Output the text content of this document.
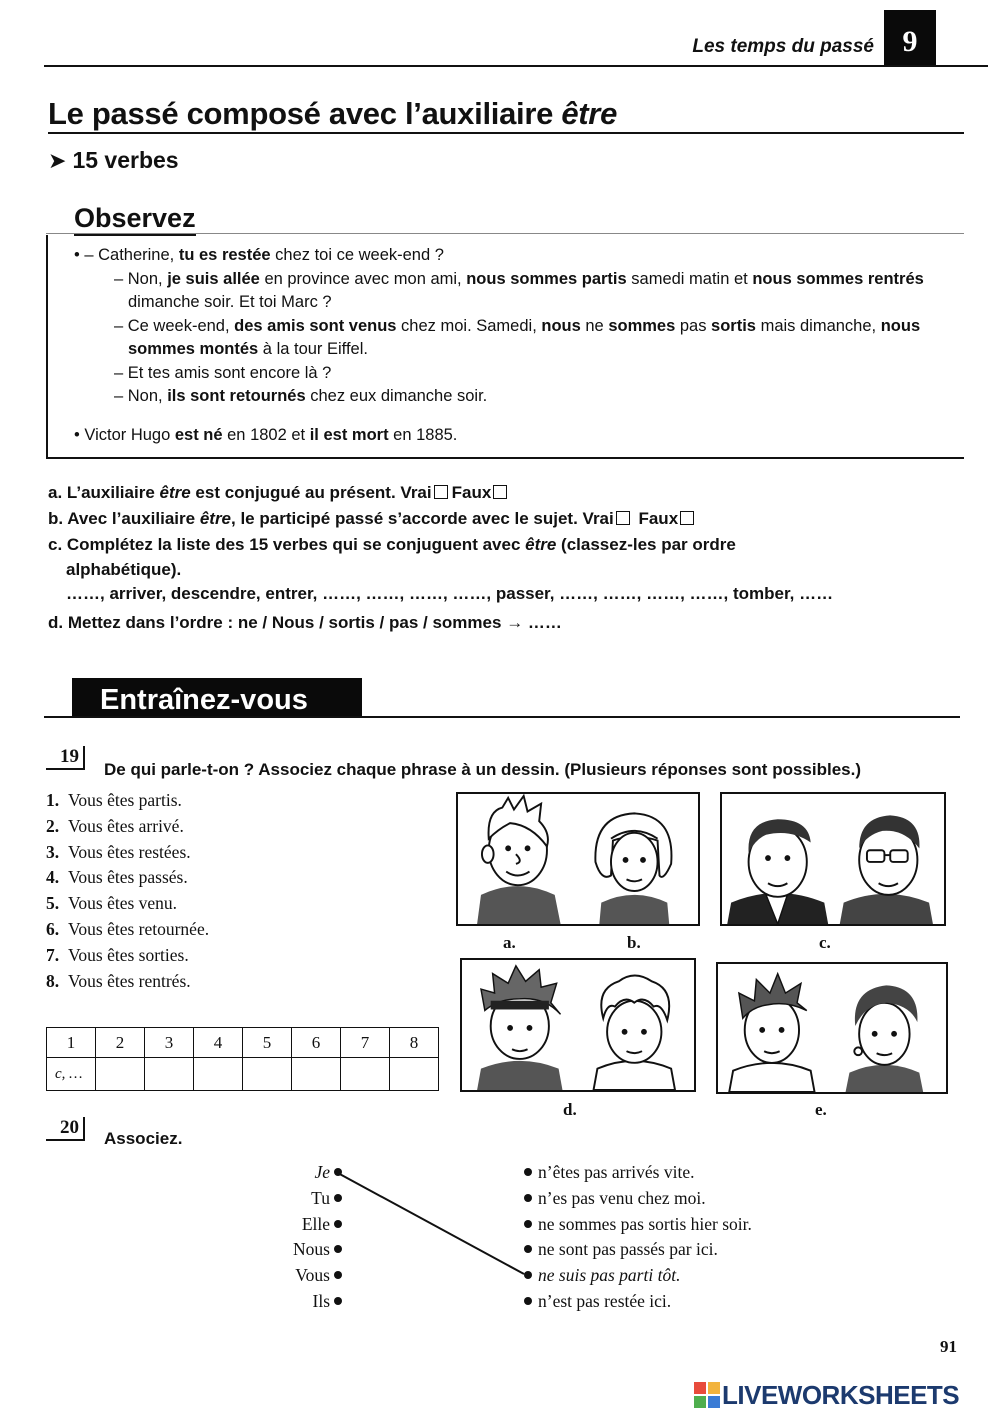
Les temps du passé 9
Le passé composé avec l’auxiliaire être
➤ 15 verbes
Observez
• – Catherine, tu es restée chez toi ce week-end ?
– Non, je suis allée en province avec mon ami, nous sommes partis samedi matin et nous sommes rentrés dimanche soir. Et toi Marc ?
– Ce week-end, des amis sont venus chez moi. Samedi, nous ne sommes pas sortis mais dimanche, nous sommes montés à la tour Eiffel.
– Et tes amis sont encore là ?
– Non, ils sont retournés chez eux dimanche soir.
• Victor Hugo est né en 1802 et il est mort en 1885.
a. L’auxiliaire être est conjugué au présent. Vrai Faux
b. Avec l’auxiliaire être, le participé passé s’accorde avec le sujet. Vrai Faux
c. Complétez la liste des 15 verbes qui se conjuguent avec être (classez-les par ordre
alphabétique).
……, arriver, descendre, entrer, ……, ……, ……, ……, passer, ……, ……, ……, ……, tomber, ……
d. Mettez dans l’ordre : ne / Nous / sortis / pas / sommes → ……
Entraînez-vous
19
De qui parle-t-on ? Associez chaque phrase à un dessin. (Plusieurs réponses sont possibles.)
1. Vous êtes partis.
2. Vous êtes arrivé.
3. Vous êtes restées.
4. Vous êtes passés.
5. Vous êtes venu.
6. Vous êtes retournée.
7. Vous êtes sorties.
8. Vous êtes rentrés.
1	2	3	4	5	6	7	8
c, …							
a.	b.	c.
d.	e.
20
Associez.
Je
Tu
Elle
Nous
Vous
Ils
n’êtes pas arrivés vite.
n’es pas venu chez moi.
ne sommes pas sortis hier soir.
ne sont pas passés par ici.
ne suis pas parti tôt.
n’est pas restée ici.
91
LIVEWORKSHEETS
